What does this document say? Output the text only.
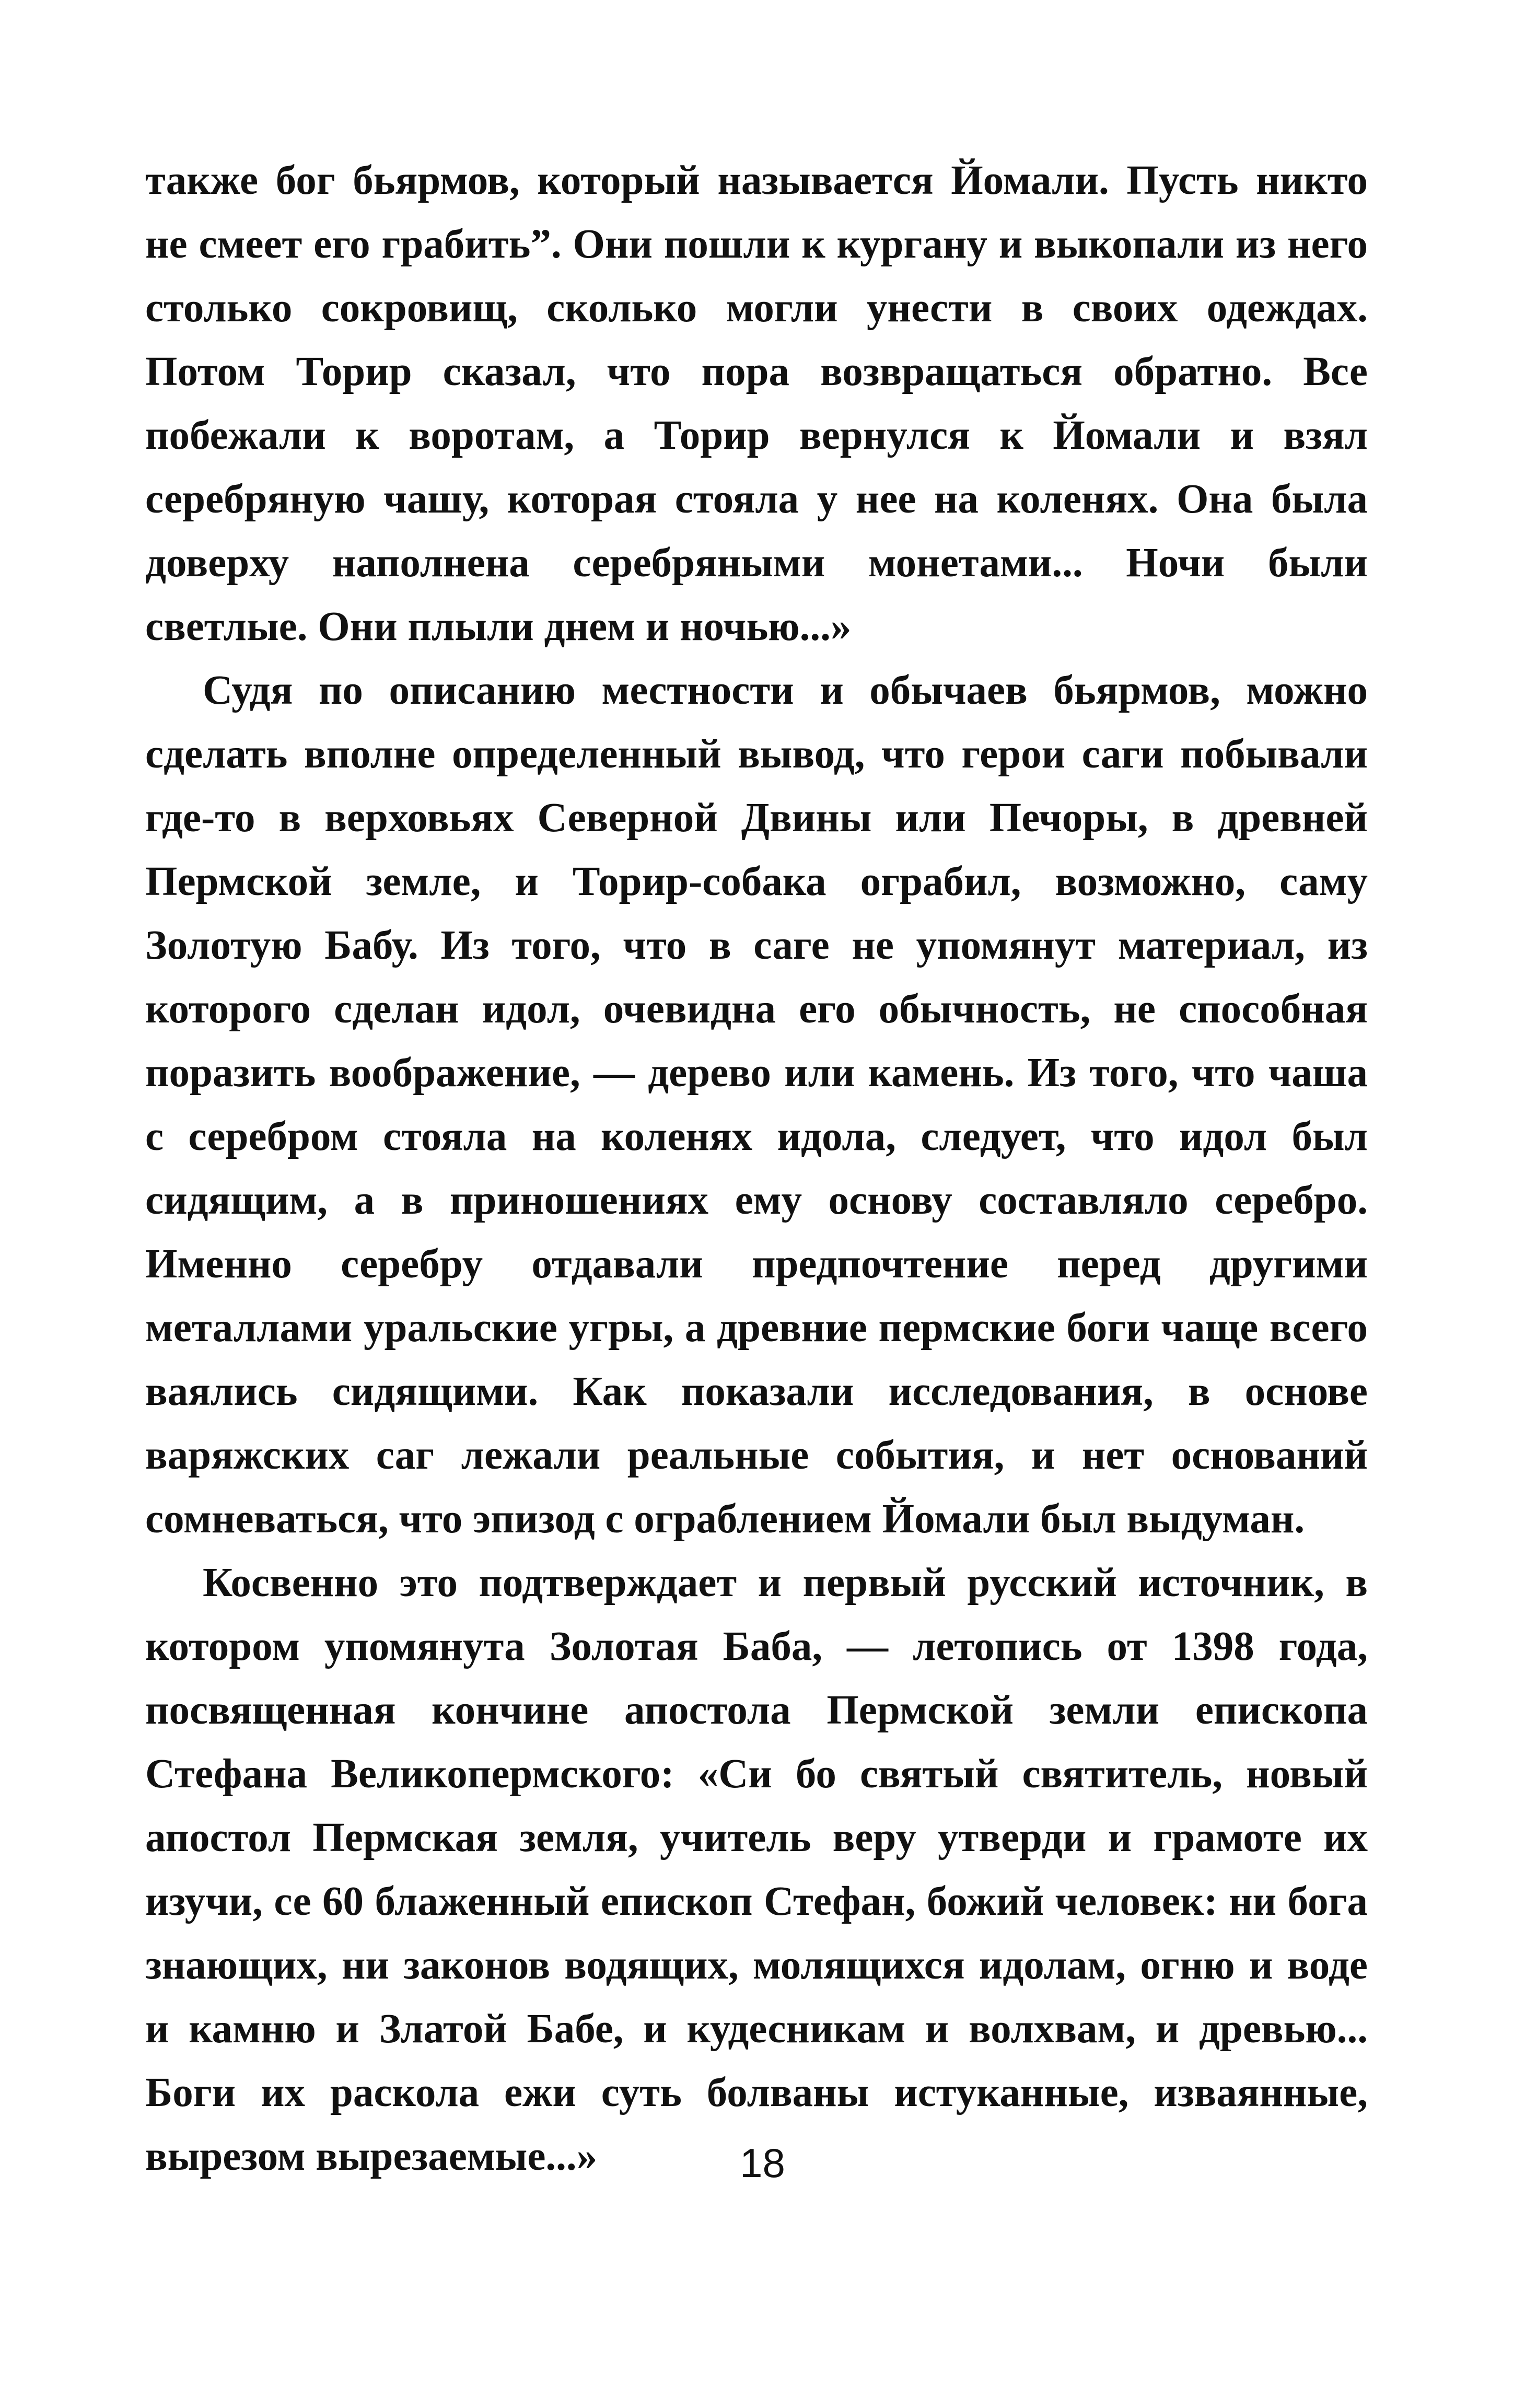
также бог бьярмов, который называется Йомали. Пусть никто не смеет его грабить”. Они пошли к кургану и выкопали из него столько сокровищ, сколько могли унести в своих одеждах. Потом Торир сказал, что пора возвращаться обратно. Все побежали к воротам, а Торир вернулся к Йомали и взял серебряную чашу, которая стояла у нее на коленях. Она была доверху наполнена серебряными монетами... Ночи были светлые. Они плыли днем и ночью...»

Судя по описанию местности и обычаев бьярмов, можно сделать вполне определенный вывод, что герои саги побывали где-то в верховьях Северной Двины или Печоры, в древней Пермской земле, и Торир-собака ограбил, возможно, саму Золотую Бабу. Из того, что в саге не упомянут материал, из которого сделан идол, очевидна его обычность, не способная поразить воображение, — дерево или камень. Из того, что чаша с серебром стояла на коленях идола, следует, что идол был сидящим, а в приношениях ему основу составляло серебро. Именно серебру отдавали предпочтение перед другими металлами уральские угры, а древние пермские боги чаще всего ваялись сидящими. Как показали исследования, в основе варяжских саг лежали реальные события, и нет оснований сомневаться, что эпизод с ограблением Йомали был выдуман.

Косвенно это подтверждает и первый русский источник, в котором упомянута Золотая Баба, — летопись от 1398 года, посвященная кончине апостола Пермской земли епископа Стефана Великопермского: «Си бо святый святитель, новый апостол Пермская земля, учитель веру утверди и грамоте их изучи, се 60 блаженный епископ Стефан, божий человек: ни бога знающих, ни законов водящих, молящихся идолам, огню и воде и камню и Златой Бабе, и кудесникам и волхвам, и древью... Боги их раскола ежи суть болваны истуканные, изваянные, вырезом вырезаемые...»	18
